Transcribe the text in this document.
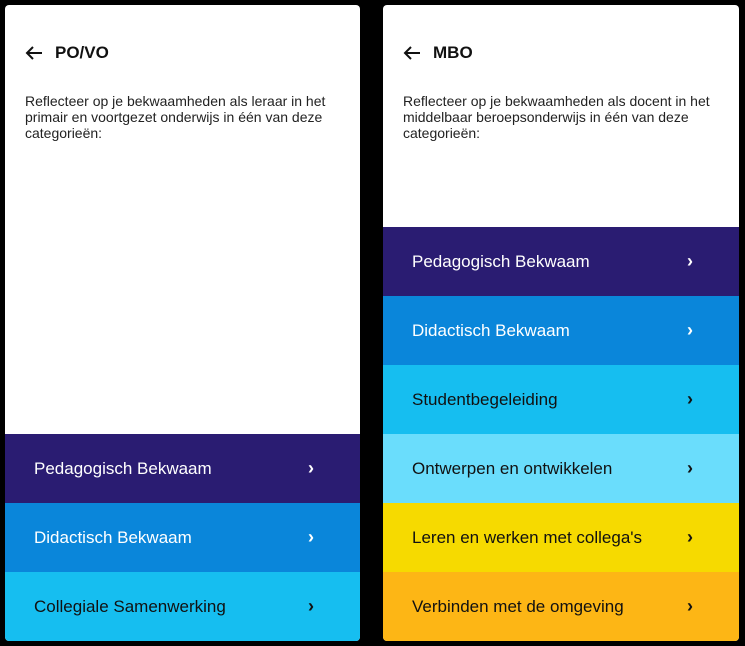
PO/VO
Reflecteer op je bekwaamheden als leraar in het primair en voortgezet onderwijs in één van deze categorieën:
Pedagogisch Bekwaam	›
Didactisch Bekwaam	›
Collegiale Samenwerking	›
MBO
Reflecteer op je bekwaamheden als docent in het middelbaar beroepsonderwijs in één van deze categorieën:
Pedagogisch Bekwaam	›
Didactisch Bekwaam	›
Studentbegeleiding	›
Ontwerpen en ontwikkelen	›
Leren en werken met collega's ›
Verbinden met de omgeving	›
